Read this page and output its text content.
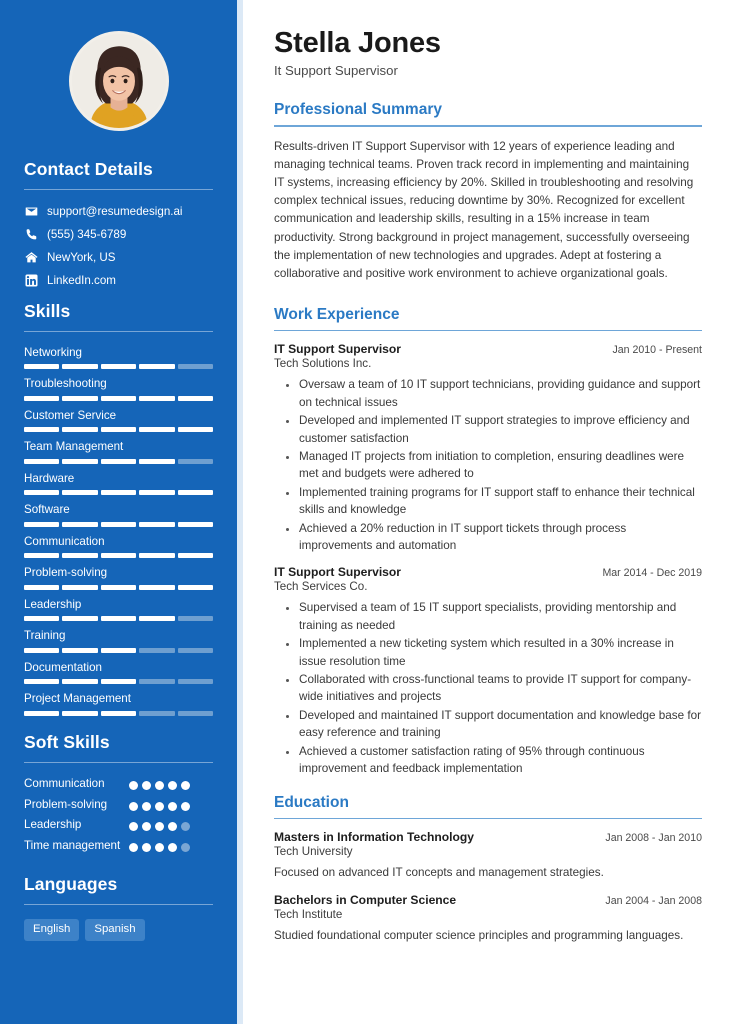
Contact Details
support@resumedesign.ai
(555) 345-6789
NewYork, US
LinkedIn.com
Skills
Networking
Troubleshooting
Customer Service
Team Management
Hardware
Software
Communication
Problem-solving
Leadership
Training
Documentation
Project Management
Soft Skills
Communication
Problem-solving
Leadership
Time management
Languages
English	Spanish
Stella Jones
It Support Supervisor
Professional Summary

Results-driven IT Support Supervisor with 12 years of experience leading and managing technical teams. Proven track record in implementing and maintaining IT systems, increasing efficiency by 20%. Skilled in troubleshooting and resolving complex technical issues, reducing downtime by 30%. Recognized for excellent communication and leadership skills, resulting in a 15% increase in team productivity. Strong background in project management, successfully overseeing the implementation of new technologies and upgrades. Adept at fostering a collaborative and positive work environment to achieve organizational goals.

Work Experience
IT Support Supervisor	Jan 2010 - Present
Tech Solutions Inc.
• Oversaw a team of 10 IT support technicians, providing guidance and support on technical issues
• Developed and implemented IT support strategies to improve efficiency and customer satisfaction
• Managed IT projects from initiation to completion, ensuring deadlines were met and budgets were adhered to
• Implemented training programs for IT support staff to enhance their technical skills and knowledge
• Achieved a 20% reduction in IT support tickets through process improvements and automation
IT Support Supervisor	Mar 2014 - Dec 2019
Tech Services Co.
• Supervised a team of 15 IT support specialists, providing mentorship and training as needed
• Implemented a new ticketing system which resulted in a 30% increase in issue resolution time
• Collaborated with cross-functional teams to provide IT support for company-wide initiatives and projects
• Developed and maintained IT support documentation and knowledge base for easy reference and training
• Achieved a customer satisfaction rating of 95% through continuous improvement and feedback implementation
Education
Masters in Information Technology	Jan 2008 - Jan 2010
Tech University
Focused on advanced IT concepts and management strategies.
Bachelors in Computer Science	Jan 2004 - Jan 2008
Tech Institute
Studied foundational computer science principles and programming languages.
